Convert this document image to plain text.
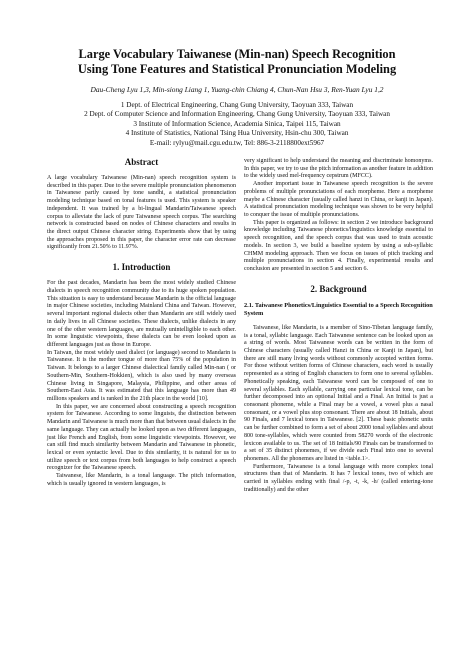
Large Vocabulary Taiwanese (Min-nan) Speech Recognition
Using Tone Features and Statistical Pronunciation Modeling
Dau-Cheng Lyu 1,3, Min-siong Liang 1, Yuang-chin Chiang 4, Chun-Nan Hsu 3, Ren-Yuan Lyu 1,2
1 Dept. of Electrical Engineering, Chang Gung University, Taoyuan 333, Taiwan
2 Dept. of Computer Science and Information Engineering, Chang Gung University, Taoyuan 333, Taiwan
3 Institute of Information Science, Academia Sinica, Taipei 115, Taiwan
4 Institute of Statistics, National Tsing Hua University, Hsin-chu 300, Taiwan
E-mail: rylyu@mail.cgu.edu.tw, Tel: 886-3-2118800ext5967
Abstract

A large vocabulary Taiwanese (Min-nan) speech recognition system is described in this paper. Due to the severe multiple pronunciation phenomenon in Taiwanese partly caused by tone sandhi, a statistical pronunciation modeling technique based on tonal features is used. This system is speaker independent. It was trained by a bi-lingual Mandarin/Taiwanese speech corpus to alleviate the lack of pure Taiwanese speech corpus. The searching network is constructed based on nodes of Chinese characters and results in the direct output Chinese character string. Experiments show that by using the approaches proposed in this paper, the character error rate can decrease significantly from 21.50% to 11.97%.

1. Introduction

For the past decades, Mandarin has been the most widely studied Chinese dialects in speech recognition community due to its huge spoken population. This situation is easy to understand because Mandarin is the official language in major Chinese societies, including Mainland China and Taiwan. However, several important regional dialects other than Mandarin are still widely used in daily lives in all Chinese societies. These dialects, unlike dialects in any one of the other western languages, are mutually unintelligible to each other. In some linguistic viewpoints, these dialects can be even looked upon as different languages just as those in Europe.

In Taiwan, the most widely used dialect (or language) second to Mandarin is Taiwanese. It is the mother tongue of more than 75% of the population in Taiwan. It belongs to a larger Chinese dialectical family called Min-nan ( or Southern-Min, Southern-Hokkien), which is also used by many overseas Chinese living in Singapore, Malaysia, Philippine, and other areas of Southern-East Asia. It was estimated that this language has more than 49 millions speakers and is ranked in the 21th place in the world [10].

In this paper, we are concerned about constructing a speech recognition system for Taiwanese. According to some linguists, the distinction between Mandarin and Taiwanese is much more than that between usual dialects in the same language. They can actually be looked upon as two different languages, just like French and English, from some linguistic viewpoints. However, we can still find much similarity between Mandarin and Taiwanese in phonetic, lexical or even syntactic level. Due to this similarity, it is natural for us to utilize speech or text corpus from both languages to help construct a speech recognizer for the Taiwanese speech.

Taiwanese, like Mandarin, is a tonal language. The pitch information, which is usually ignored in western languages, is

very significant to help understand the meaning and discriminate homonyms. In this paper, we try to use the pitch information as another feature in addition to the widely used mel-frequency cepstrum (MFCC).

Another important issue in Taiwanese speech recognition is the severe problems of multiple pronunciations of each morpheme. Here a morpheme maybe a Chinese character (usually called hanzi in China, or kanji in Japan). A statistical pronunciation modeling technique was shown to be very helpful to conquer the issue of multiple pronunciations.

This paper is organized as follows: in section 2 we introduce background knowledge including Taiwanese phonetics/linguistics knowledge essential to speech recognition, and the speech corpus that was used to train acoustic models. In section 3, we build a baseline system by using a sub-syllabic CHMM modeling approach. Then we focus on issues of pitch tracking and multiple pronunciations in section 4. Finally, experimental results and conclusion are presented in section 5 and section 6.

2. Background
2.1. Taiwanese Phonetics/Linguistics Essential to a Speech Recognition System

Taiwanese, like Mandarin, is a member of Sino-Tibetan language family, is a tonal, syllabic language. Each Taiwanese sentence can be looked upon as a string of words. Most Taiwanese words can be written in the form of Chinese characters (usually called Hanzi in China or Kanji in Japan), but there are still many living words without commonly accepted written forms. For those without written forms of Chinese characters, each word is usually represented as a string of English characters to form one to several syllables. Phonetically speaking, each Taiwanese word can be composed of one to several syllables. Each syllable, carrying one particular lexical tone, can be further decomposed into an optional Initial and a Final. An Initial is just a consonant phoneme, while a Final may be a vowel, a vowel plus a nasal consonant, or a vowel plus stop consonant. There are about 18 Initials, about 90 Finals, and 7 lexical tones in Taiwanese. [2]. These basic phonetic units can be further combined to form a set of about 2000 tonal syllables and about 800 tone-syllables, which were counted from 58270 words of the electronic lexicon available to us. The set of 18 Initials/90 Finals can be transformed to a set of 35 distinct phonemes, if we divide each Final into one to several phonemes. All the phonemes are listed in <table.1>.

Furthermore, Taiwanese is a tonal language with more complex tonal structures than that of Mandarin. It has 7 lexical tones, two of which are carried in syllables ending with final /-p, -t, -k, -h/ (called entering-tone traditionally) and the other
